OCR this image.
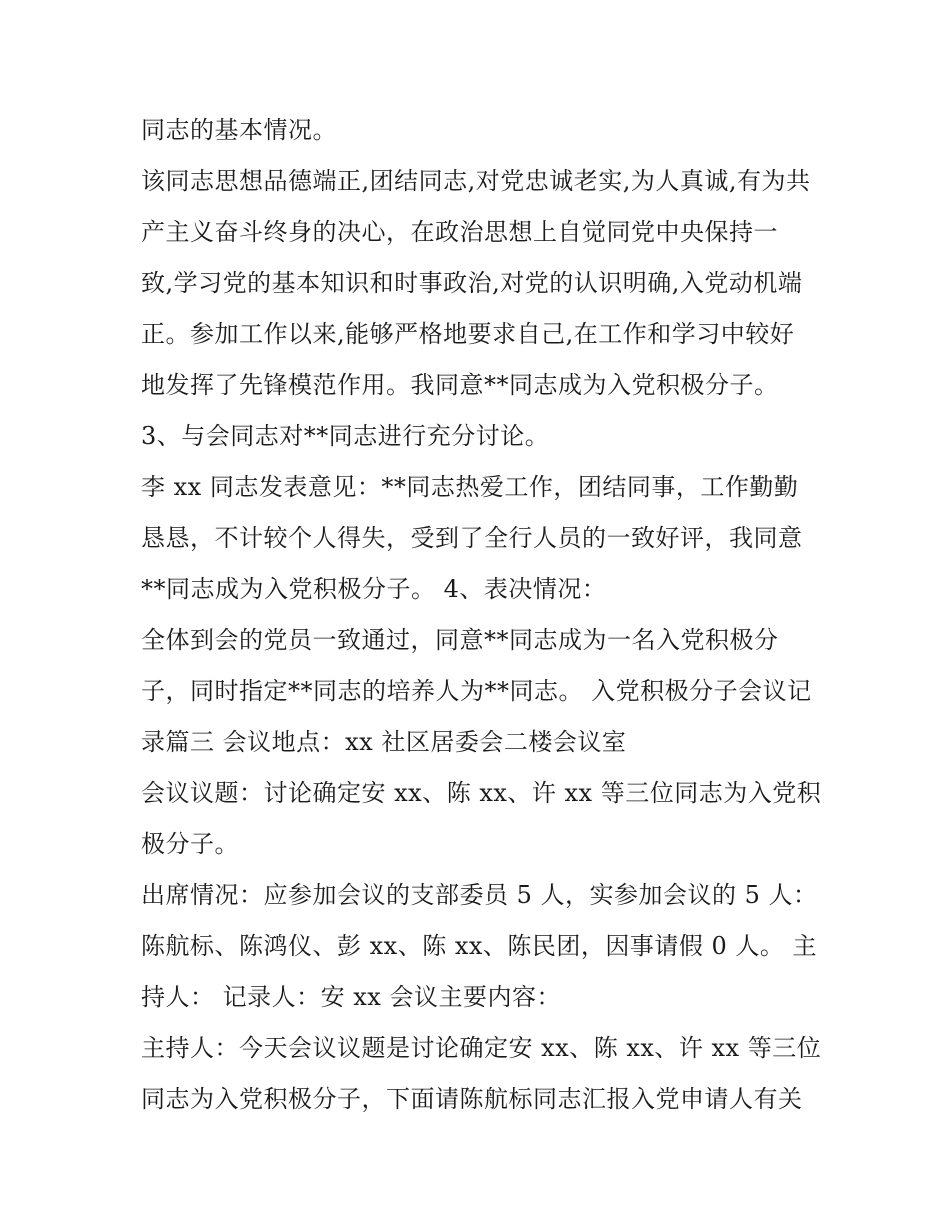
同志的基本情况。
该同志思想品德端正,团结同志,对党忠诚老实,为人真诚,有为共
产主义奋斗终身的决心，在政治思想上自觉同党中央保持一
致,学习党的基本知识和时事政治,对党的认识明确,入党动机端
正。参加工作以来,能够严格地要求自己,在工作和学习中较好
地发挥了先锋模范作用。我同意**同志成为入党积极分子。
3、与会同志对**同志进行充分讨论。
李 xx 同志发表意见：**同志热爱工作，团结同事，工作勤勤
恳恳，不计较个人得失，受到了全行人员的一致好评，我同意
**同志成为入党积极分子。 4、表决情况：
全体到会的党员一致通过，同意**同志成为一名入党积极分
子，同时指定**同志的培养人为**同志。 入党积极分子会议记
录篇三 会议地点：xx 社区居委会二楼会议室
会议议题：讨论确定安 xx、陈 xx、许 xx 等三位同志为入党积
极分子。
出席情况：应参加会议的支部委员 5 人，实参加会议的 5 人：
陈航标、陈鸿仪、彭 xx、陈 xx、陈民团，因事请假 0 人。 主
持人： 记录人：安 xx 会议主要内容：
主持人：今天会议议题是讨论确定安 xx、陈 xx、许 xx 等三位
同志为入党积极分子，下面请陈航标同志汇报入党申请人有关
